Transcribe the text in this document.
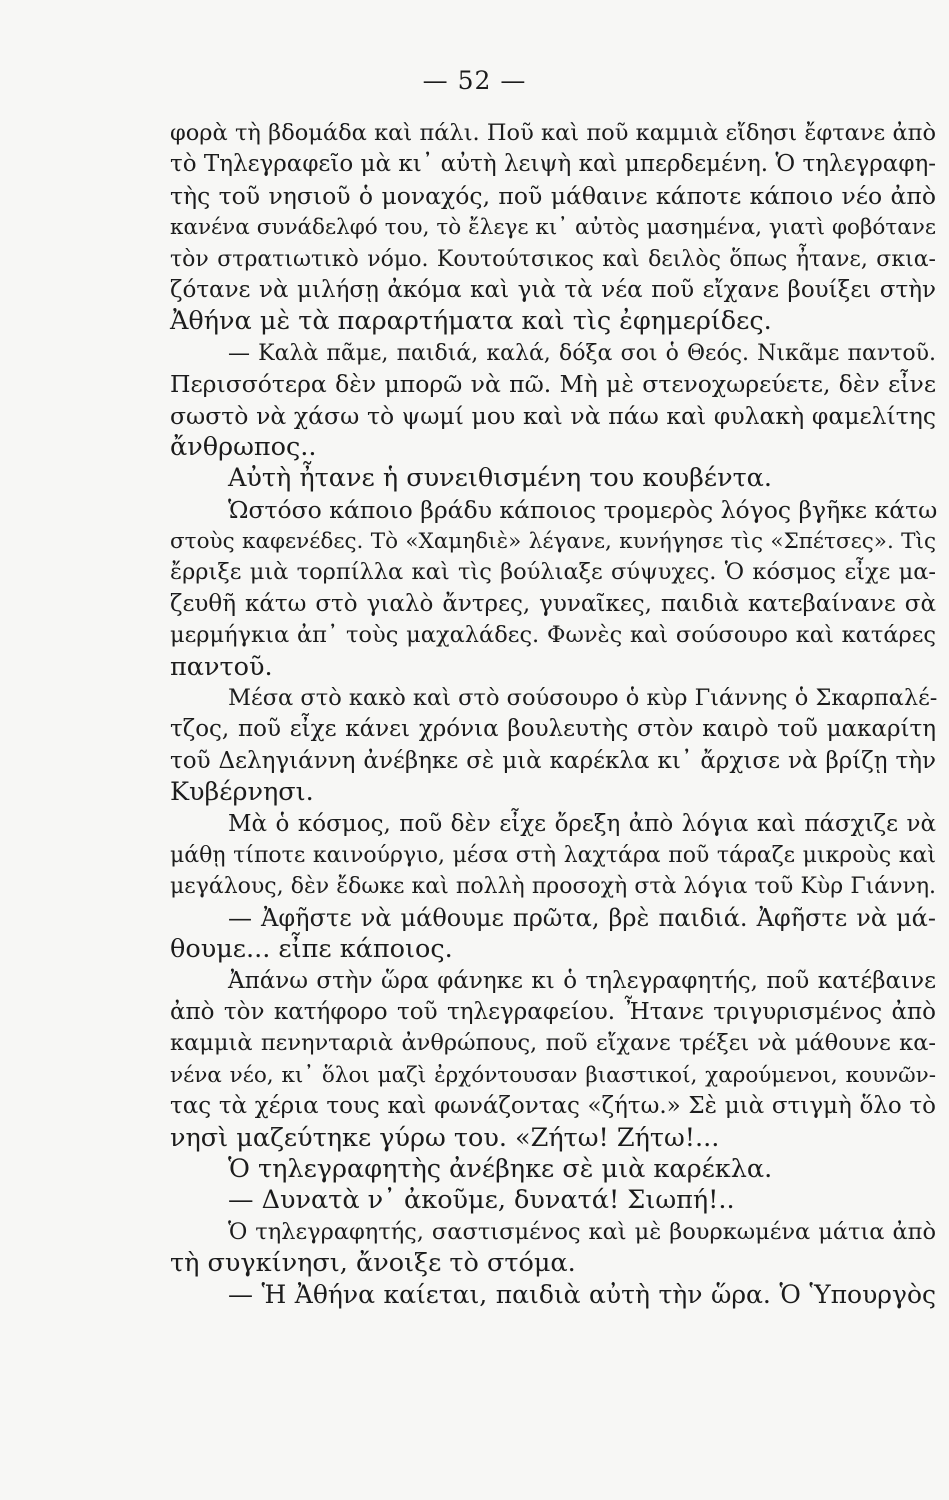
— 52 —
φορὰ τὴ βδομάδα καὶ πάλι. Ποῦ καὶ ποῦ καμμιὰ εἴδησι ἔφτανε ἀπὸ
τὸ Τηλεγραφεῖο μὰ κι᾿ αὐτὴ λειψὴ καὶ μπερδεμένη. Ὁ τηλεγραφη-
τὴς τοῦ νησιοῦ ὁ μοναχός, ποῦ μάθαινε κάποτε κάποιο νέο ἀπὸ
κανένα συνάδελφό του, τὸ ἔλεγε κι᾿ αὐτὸς μασημένα, γιατὶ φοβότανε
τὸν στρατιωτικὸ νόμο. Κουτούτσικος καὶ δειλὸς ὅπως ἦτανε, σκια-
ζότανε νὰ μιλήσῃ ἀκόμα καὶ γιὰ τὰ νέα ποῦ εἴχανε βουίξει στὴν
Ἀθήνα μὲ τὰ παραρτήματα καὶ τὶς ἐφημερίδες.
— Καλὰ πᾶμε, παιδιά, καλά, δόξα σοι ὁ Θεός. Νικᾶμε παντοῦ.
Περισσότερα δὲν μπορῶ νὰ πῶ. Μὴ μὲ στενοχωρεύετε, δὲν εἶνε
σωστὸ νὰ χάσω τὸ ψωμί μου καὶ νὰ πάω καὶ φυλακὴ φαμελίτης
ἄνθρωπος..
Αὐτὴ ἦτανε ἡ συνειθισμένη του κουβέντα.
Ὡστόσο κάποιο βράδυ κάποιος τρομερὸς λόγος βγῆκε κάτω
στοὺς καφενέδες. Τὸ «Χαμηδιὲ» λέγανε, κυνήγησε τὶς «Σπέτσες». Τὶς
ἔρριξε μιὰ τορπίλλα καὶ τὶς βούλιαξε σύψυχες. Ὁ κόσμος εἶχε μα-
ζευθῆ κάτω στὸ γιαλὸ ἄντρες, γυναῖκες, παιδιὰ κατεβαίνανε σὰ
μερμήγκια ἀπ᾿ τοὺς μαχαλάδες. Φωνὲς καὶ σούσουρο καὶ κατάρες
παντοῦ.
Μέσα στὸ κακὸ καὶ στὸ σούσουρο ὁ κὺρ Γιάννης ὁ Σκαρπαλέ-
τζος, ποῦ εἶχε κάνει χρόνια βουλευτὴς στὸν καιρὸ τοῦ μακαρίτη
τοῦ Δεληγιάννη ἀνέβηκε σὲ μιὰ καρέκλα κι᾿ ἄρχισε νὰ βρίζῃ τὴν
Κυβέρνησι.
Μὰ ὁ κόσμος, ποῦ δὲν εἶχε ὄρεξη ἀπὸ λόγια καὶ πάσχιζε νὰ
μάθῃ τίποτε καινούργιο, μέσα στὴ λαχτάρα ποῦ τάραζε μικροὺς καὶ
μεγάλους, δὲν ἔδωκε καὶ πολλὴ προσοχὴ στὰ λόγια τοῦ Κὺρ Γιάννη.
— Ἀφῆστε νὰ μάθουμε πρῶτα, βρὲ παιδιά. Ἀφῆστε νὰ μά-
θουμε... εἶπε κάποιος.
Ἀπάνω στὴν ὥρα φάνηκε κι ὁ τηλεγραφητής, ποῦ κατέβαινε
ἀπὸ τὸν κατήφορο τοῦ τηλεγραφείου. Ἦτανε τριγυρισμένος ἀπὸ
καμμιὰ πενηνταριὰ ἀνθρώπους, ποῦ εἴχανε τρέξει νὰ μάθουνε κα-
νένα νέο, κι᾿ ὅλοι μαζὶ ἐρχόντουσαν βιαστικοί, χαρούμενοι, κουνῶν-
τας τὰ χέρια τους καὶ φωνάζοντας «ζήτω.» Σὲ μιὰ στιγμὴ ὅλο τὸ
νησὶ μαζεύτηκε γύρω του. «Ζήτω! Ζήτω!...
Ὁ τηλεγραφητὴς ἀνέβηκε σὲ μιὰ καρέκλα.
— Δυνατὰ ν᾿ ἀκοῦμε, δυνατά! Σιωπή!..
Ὁ τηλεγραφητής, σαστισμένος καὶ μὲ βουρκωμένα μάτια ἀπὸ
τὴ συγκίνησι, ἄνοιξε τὸ στόμα.
— Ἡ Ἀθήνα καίεται, παιδιὰ αὐτὴ τὴν ὥρα. Ὁ Ὑπουργὸς
